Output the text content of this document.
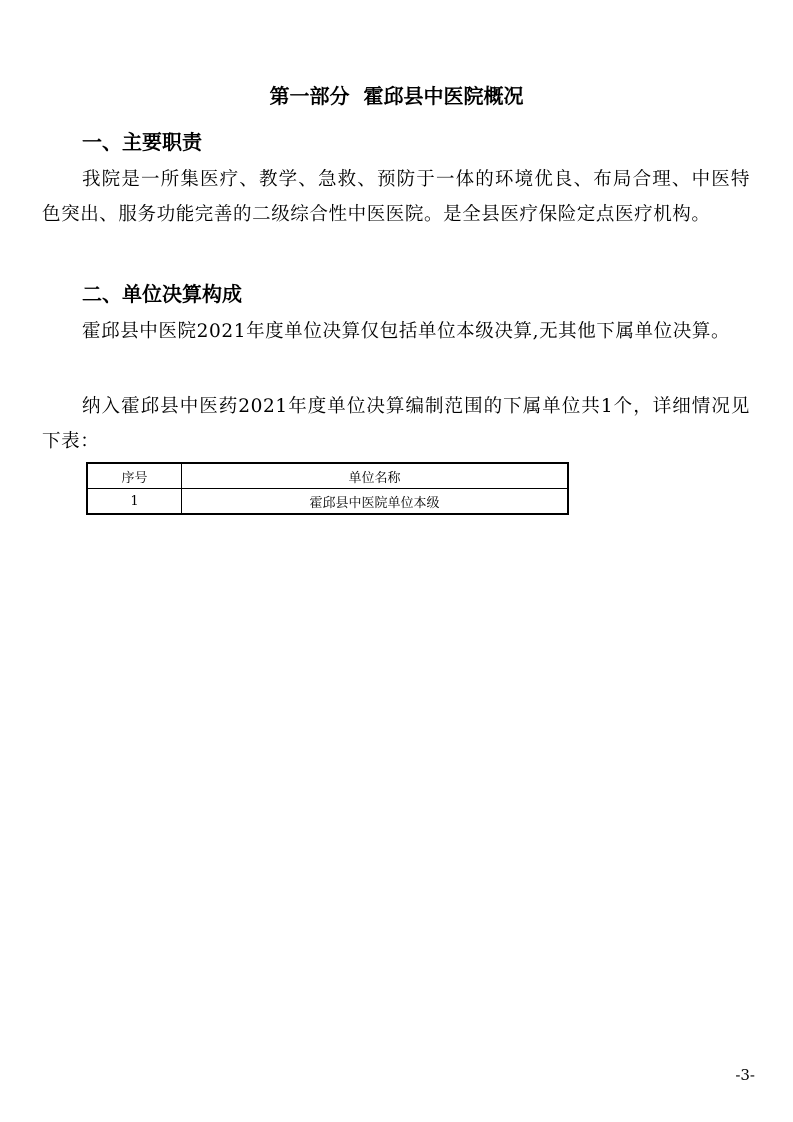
第一部分  霍邱县中医院概况
一、主要职责

我院是一所集医疗、教学、急救、预防于一体的环境优良、布局合理、中医特色突出、服务功能完善的二级综合性中医医院。是全县医疗保险定点医疗机构。

二、单位决算构成

霍邱县中医院2021年度单位决算仅包括单位本级决算,无其他下属单位决算。

纳入霍邱县中医药2021年度单位决算编制范围的下属单位共1个，详细情况见下表：

序号	单位名称
1	霍邱县中医院单位本级
-3-
